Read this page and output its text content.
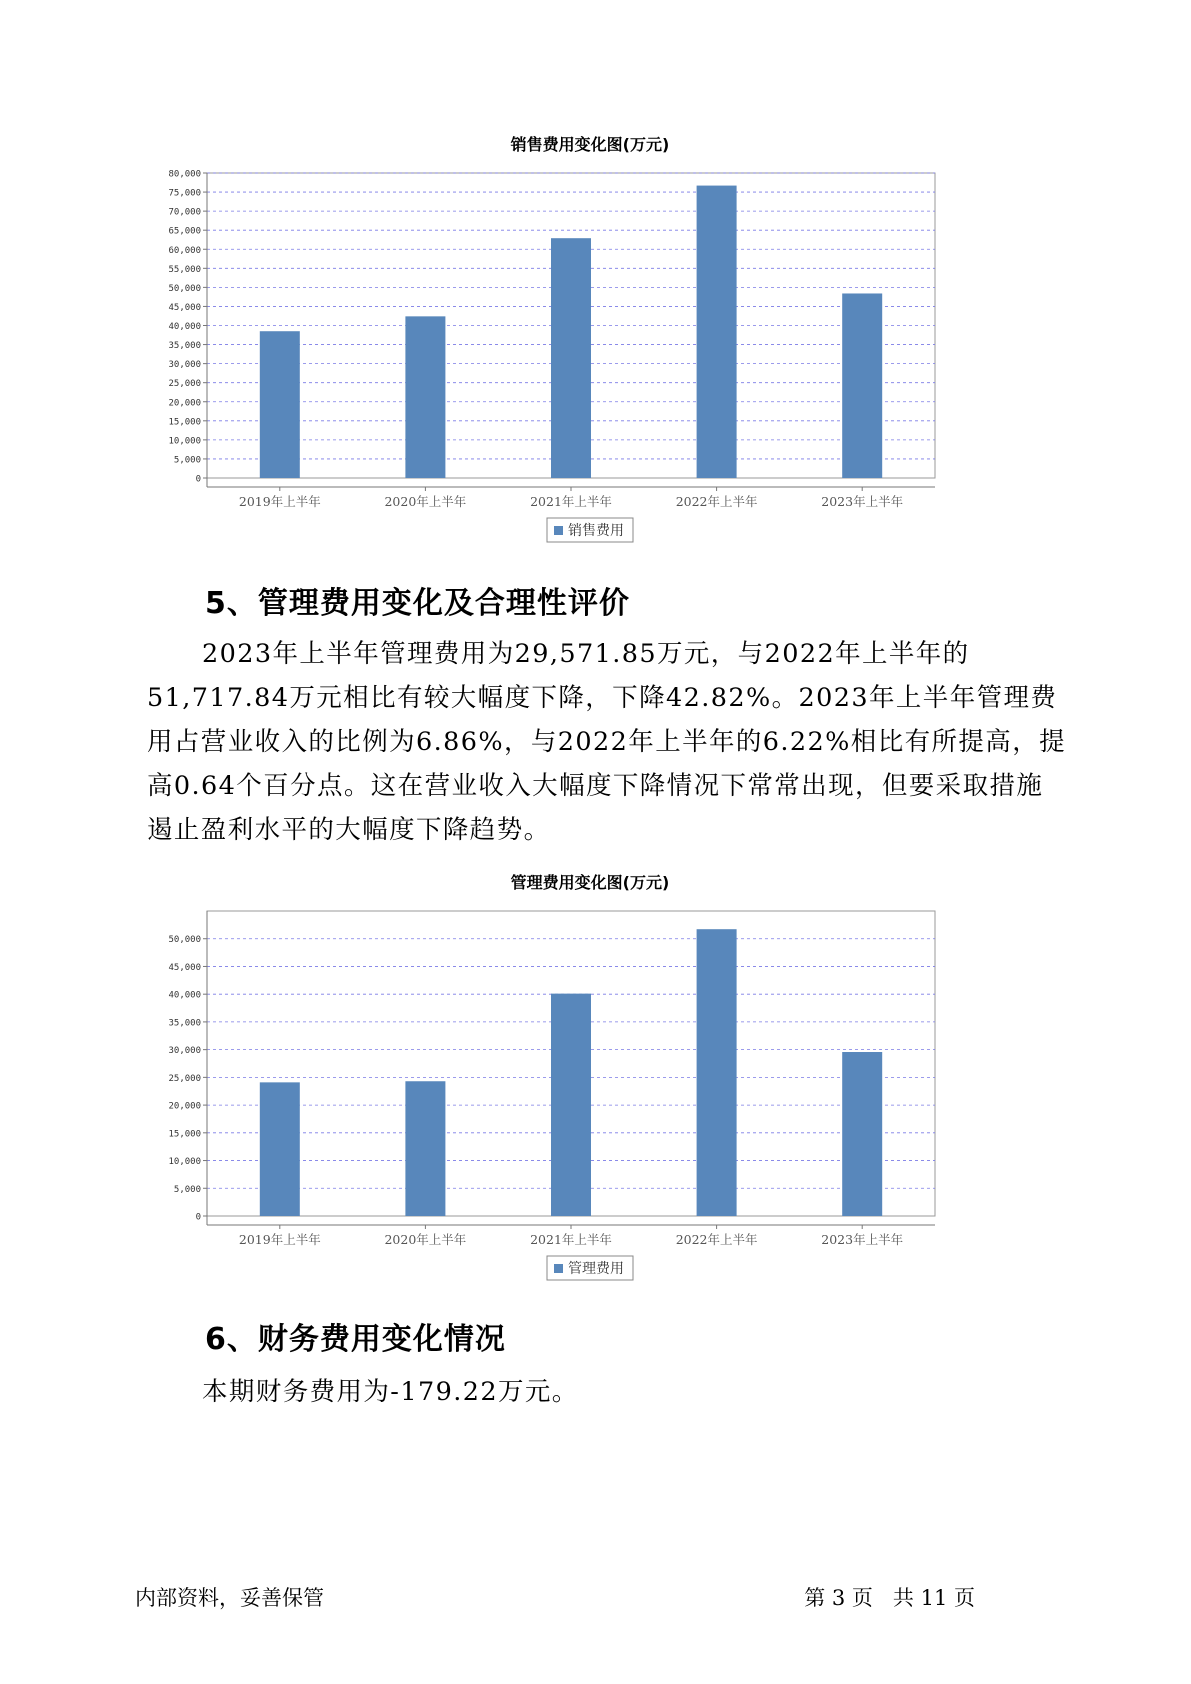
销售费用变化图(万元)
0
5,000
10,000
15,000
20,000
25,000
30,000
35,000
40,000
45,000
50,000
55,000
60,000
65,000
70,000
75,000
80,000
2019年上半年	2020年上半年	2021年上半年	2022年上半年	2023年上半年
销售费用
5、管理费用变化及合理性评价

2023年上半年管理费用为29,571.85万元，与2022年上半年的51,717.84万元相比有较大幅度下降，下降42.82%。2023年上半年管理费用占营业收入的比例为6.86%，与2022年上半年的6.22%相比有所提高，提高0.64个百分点。这在营业收入大幅度下降情况下常常出现，但要采取措施遏止盈利水平的大幅度下降趋势。

管理费用变化图(万元)
0
5,000
10,000
15,000
20,000
25,000
30,000
35,000
40,000
45,000
50,000
2019年上半年	2020年上半年	2021年上半年	2022年上半年	2023年上半年
管理费用
6、财务费用变化情况

本期财务费用为-179.22万元。

内部资料，妥善保管	第 3 页   共 11 页
